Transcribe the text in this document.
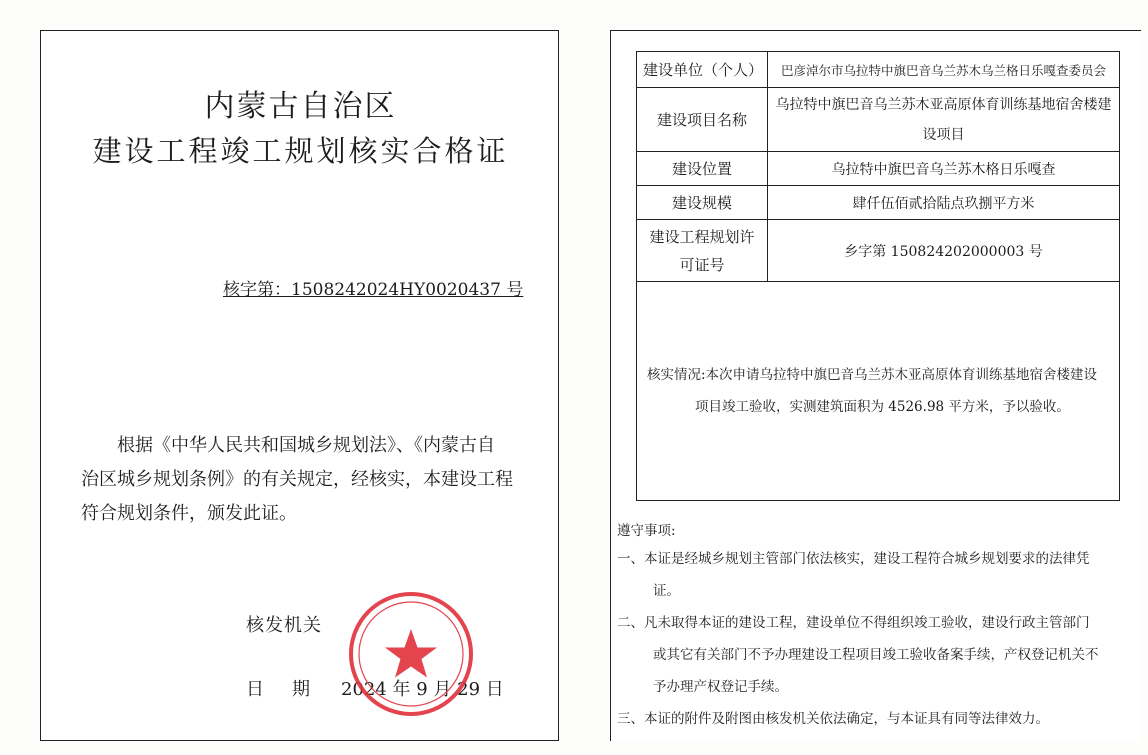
内蒙古自治区
建设工程竣工规划核实合格证
核字第：1508242024HY0020437 号

根据《中华人民共和国城乡规划法》、《内蒙古自

治区城乡规划条例》的有关规定，经核实，本建设工程

符合规划条件，颁发此证。

核发机关
日期 2024 年 9 月 29 日
建设单位（个人）	巴彦淖尔市乌拉特中旗巴音乌兰苏木乌兰格日乐嘎查委员会
建设项目名称	乌拉特中旗巴音乌兰苏木亚高原体育训练基地宿舍楼建设项目
建设位置	乌拉特中旗巴音乌兰苏木格日乐嘎查
建设规模	肆仟伍佰贰拾陆点玖捌平方米
建设工程规划许可证号	乡字第 150824202000003 号

核实情况:本次申请乌拉特中旗巴音乌兰苏木亚高原体育训练基地宿舍楼建设

项目竣工验收，实测建筑面积为 4526.98 平方米，予以验收。	

遵守事项:

一、本证是经城乡规划主管部门依法核实，建设工程符合城乡规划要求的法律凭

证。

二、凡未取得本证的建设工程，建设单位不得组织竣工验收，建设行政主管部门

或其它有关部门不予办理建设工程项目竣工验收备案手续，产权登记机关不

予办理产权登记手续。

三、本证的附件及附图由核发机关依法确定，与本证具有同等法律效力。
